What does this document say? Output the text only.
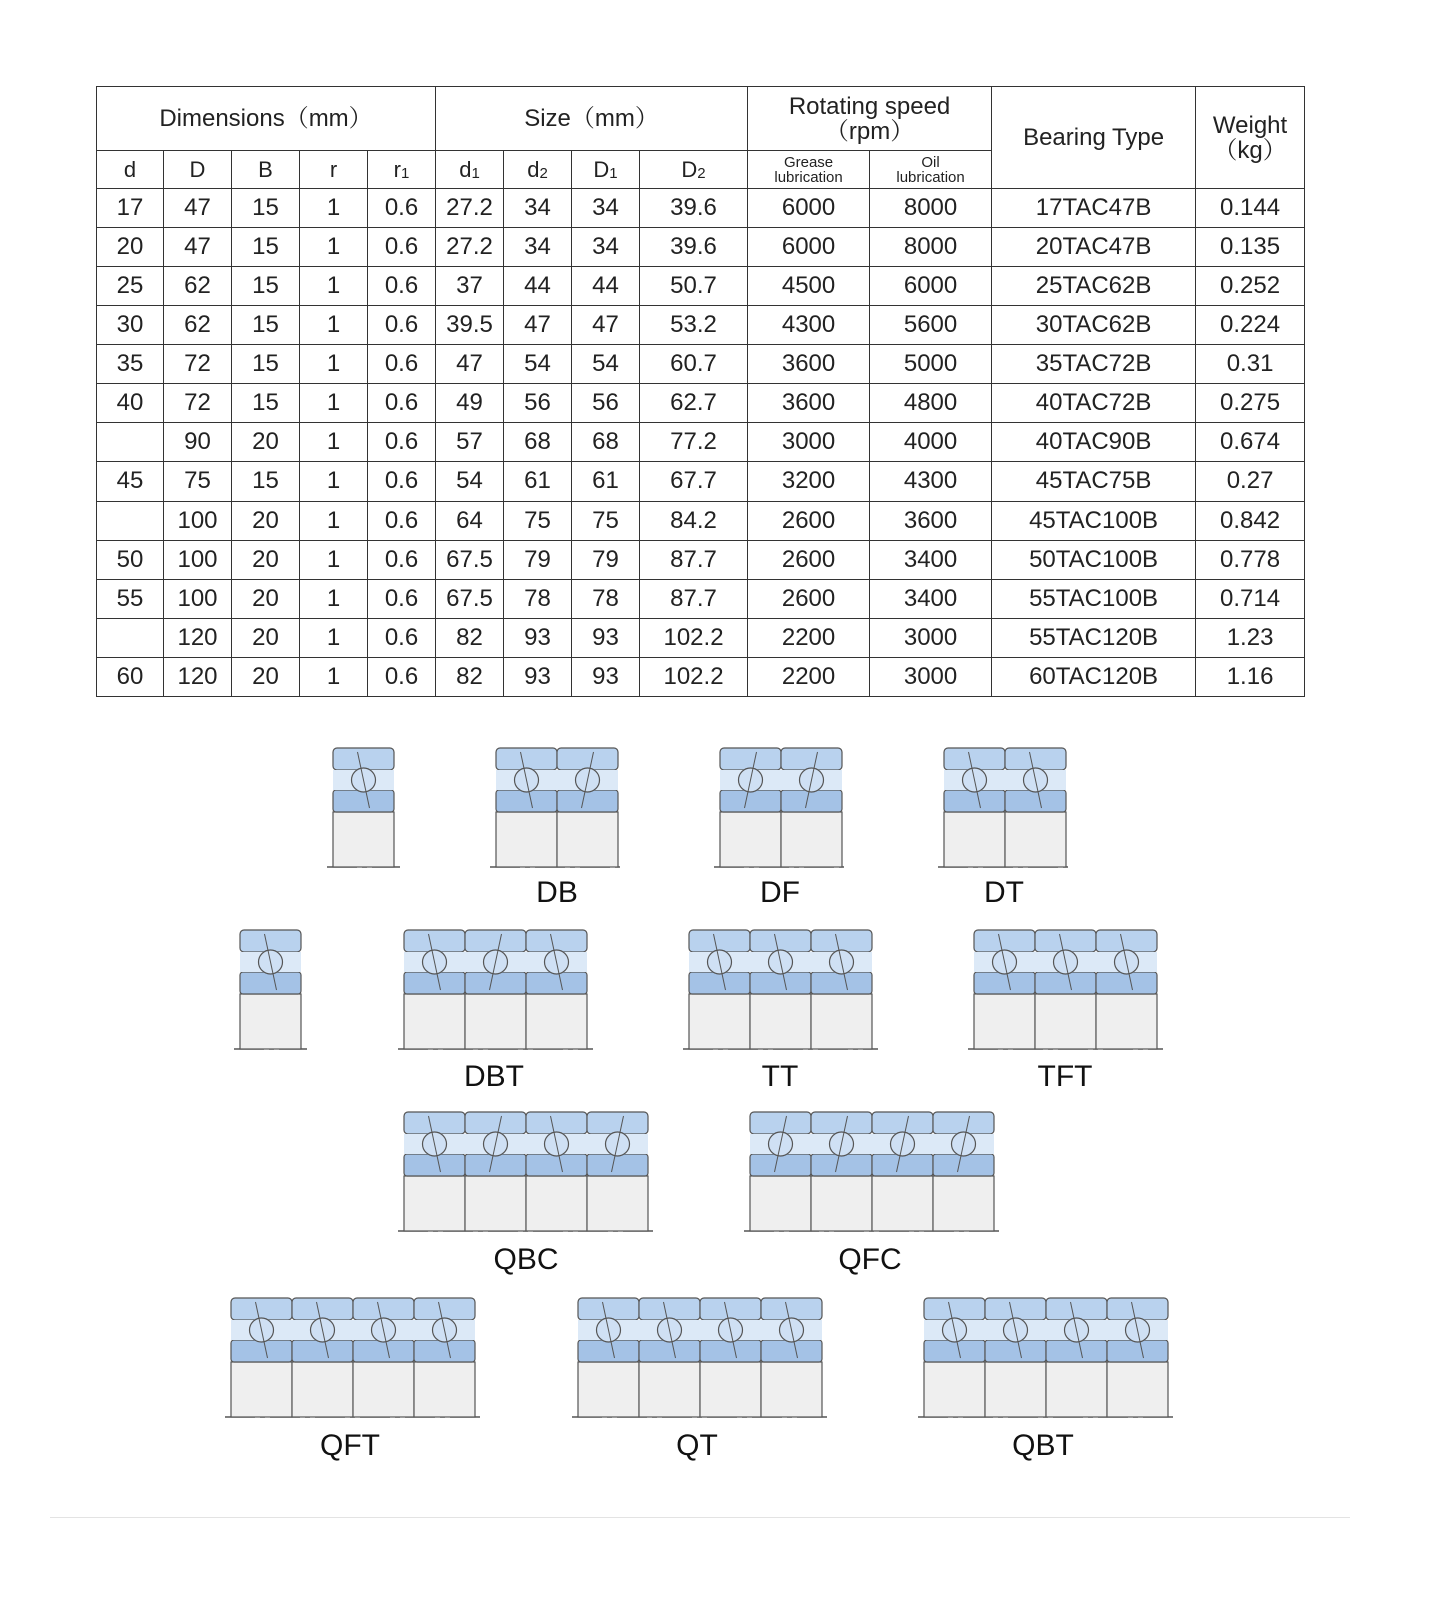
Dimensions（mm）					Size（mm）				Rotating speed
（rpm）		Bearing Type	Weight
（kg）
d	D	B	r	r1	d1	d2	D1	D2	Grease
lubrication	Oil
lubrication		
17	47	15	1	0.6	27.2	34	34	39.6	6000	8000	17TAC47B	0.144
20	47	15	1	0.6	27.2	34	34	39.6	6000	8000	20TAC47B	0.135
25	62	15	1	0.6	37	44	44	50.7	4500	6000	25TAC62B	0.252
30	62	15	1	0.6	39.5	47	47	53.2	4300	5600	30TAC62B	0.224
35	72	15	1	0.6	47	54	54	60.7	3600	5000	35TAC72B	0.31
40	72	15	1	0.6	49	56	56	62.7	3600	4800	40TAC72B	0.275
	90	20	1	0.6	57	68	68	77.2	3000	4000	40TAC90B	0.674
45	75	15	1	0.6	54	61	61	67.7	3200	4300	45TAC75B	0.27
	100	20	1	0.6	64	75	75	84.2	2600	3600	45TAC100B	0.842
50	100	20	1	0.6	67.5	79	79	87.7	2600	3400	50TAC100B	0.778
55	100	20	1	0.6	67.5	78	78	87.7	2600	3400	55TAC100B	0.714
	120	20	1	0.6	82	93	93	102.2	2200	3000	55TAC120B	1.23
60	120	20	1	0.6	82	93	93	102.2	2200	3000	60TAC120B	1.16
DB	DF	DT
DBT	TT	TFT
QBC	QFC
QFT	QT	QBT
